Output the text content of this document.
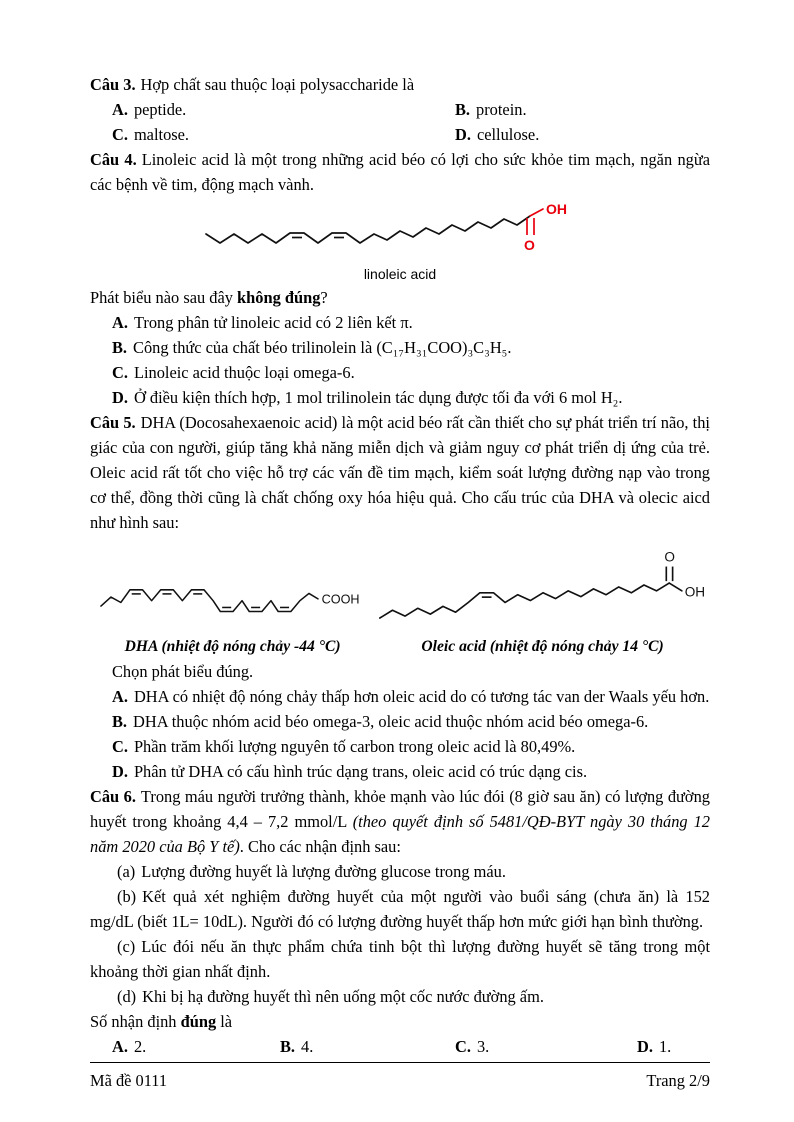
Câu 3. Hợp chất sau thuộc loại polysaccharide là

A. peptide.	B. protein.

C. maltose.	D. cellulose.

Câu 4. Linoleic acid là một trong những acid béo có lợi cho sức khỏe tim mạch, ngăn ngừa các bệnh về tim, động mạch vành.

OH
O

linoleic acid

Phát biểu nào sau đây không đúng?

A. Trong phân tử linoleic acid có 2 liên kết π.

B. Công thức của chất béo trilinolein là (C₁₇H₃₁COO)₃C₃H₅.

C. Linoleic acid thuộc loại omega-6.

D. Ở điều kiện thích hợp, 1 mol trilinolein tác dụng được tối đa với 6 mol H₂.

Câu 5. DHA (Docosahexaenoic acid) là một acid béo rất cần thiết cho sự phát triển trí não, thị giác của con người, giúp tăng khả năng miễn dịch và giảm nguy cơ phát triển dị ứng của trẻ. Oleic acid rất tốt cho việc hỗ trợ các vấn đề tim mạch, kiểm soát lượng đường nạp vào trong cơ thể, đồng thời cũng là chất chống oxy hóa hiệu quả. Cho cấu trúc của DHA và olecic aicd như hình sau:

COOH

DHA (nhiệt độ nóng chảy -44 °C)

O
OH

Oleic acid (nhiệt độ nóng chảy 14 °C)

Chọn phát biểu đúng.

A. DHA có nhiệt độ nóng chảy thấp hơn oleic acid do có tương tác van der Waals yếu hơn.

B. DHA thuộc nhóm acid béo omega-3, oleic acid thuộc nhóm acid béo omega-6.

C. Phần trăm khối lượng nguyên tố carbon trong oleic acid là 80,49%.

D. Phân tử DHA có cấu hình trúc dạng trans, oleic acid có trúc dạng cis.

Câu 6. Trong máu người trưởng thành, khỏe mạnh vào lúc đói (8 giờ sau ăn) có lượng đường huyết trong khoảng 4,4 – 7,2 mmol/L (theo quyết định số 5481/QĐ-BYT ngày 30 tháng 12 năm 2020 của Bộ Y tế). Cho các nhận định sau:

(a) Lượng đường huyết là lượng đường glucose trong máu.

(b) Kết quả xét nghiệm đường huyết của một người vào buổi sáng (chưa ăn) là 152 mg/dL (biết 1L= 10dL). Người đó có lượng đường huyết thấp hơn mức giới hạn bình thường.

(c) Lúc đói nếu ăn thực phẩm chứa tinh bột thì lượng đường huyết sẽ tăng trong một khoảng thời gian nhất định.

(d) Khi bị hạ đường huyết thì nên uống một cốc nước đường ấm.

Số nhận định đúng là

A. 2.	B. 4.	C. 3.	D. 1.

Mã đề 0111	Trang 2/9
